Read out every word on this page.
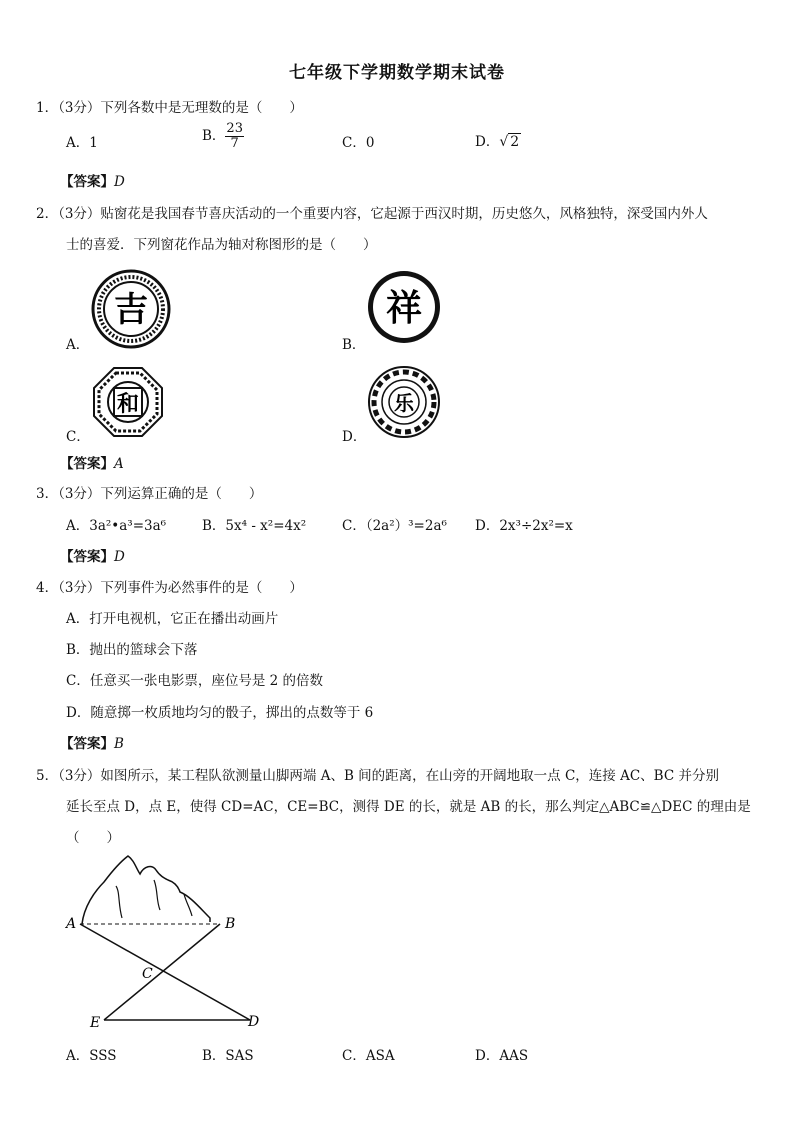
七年级下学期数学期末试卷
1．（3分）下列各数中是无理数的是（　　）
A．1	B． $\frac{23}{7}$	C．0	D．√ 2
【答案】D
2．（3分）贴窗花是我国春节喜庆活动的一个重要内容，它起源于西汉时期，历史悠久，风格独特，深受国内外人
士的喜爱．下列窗花作品为轴对称图形的是（　　）
吉
A．
祥
B．
和
C．
乐
D．
【答案】A
3．（3分）下列运算正确的是（　　）
A．3a²•a³=3a⁶	B．5x⁴ - x²=4x²	C．（2a²）³=2a⁶ D．2x³÷2x²=x
【答案】D
4．（3分）下列事件为必然事件的是（　　）
A．打开电视机，它正在播出动画片
B．抛出的篮球会下落
C．任意买一张电影票，座位号是 2 的倍数
D．随意掷一枚质地均匀的骰子，掷出的点数等于 6
【答案】B
5．（3分）如图所示，某工程队欲测量山脚两端 A、B 间的距离，在山旁的开阔地取一点 C，连接 AC、BC 并分别
延长至点 D，点 E，使得 CD=AC，CE=BC，测得 DE 的长，就是 AB 的长，那么判定△ABC≌△DEC 的理由是
（　　）
A	B
C
E	D
A．SSS	B．SAS	C．ASA	D．AAS
